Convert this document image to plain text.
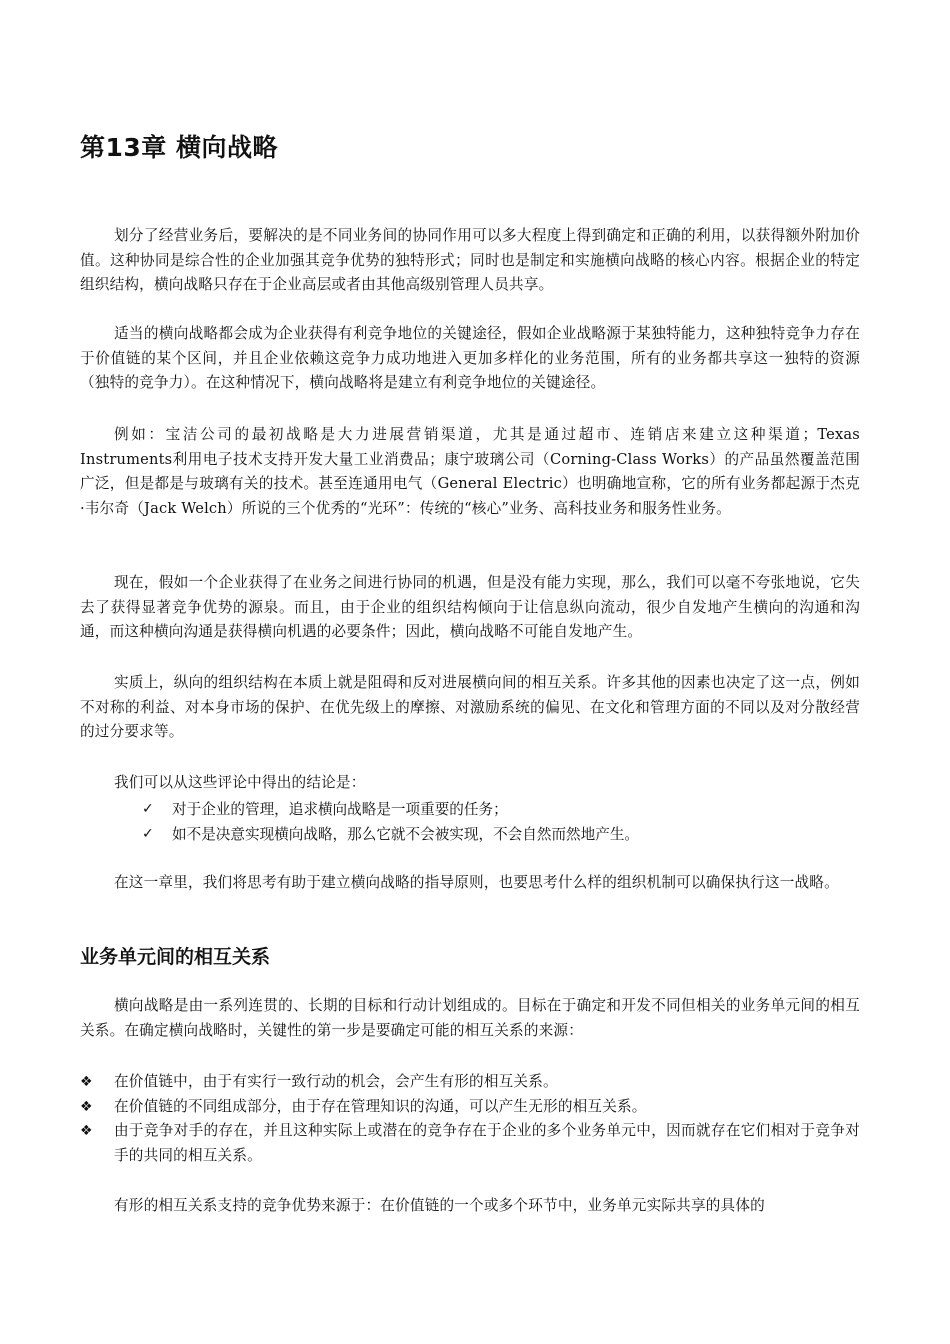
第13章 横向战略

划分了经营业务后，要解决的是不同业务间的协同作用可以多大程度上得到确定和正确的利用，以获得额外附加价值。这种协同是综合性的企业加强其竞争优势的独特形式；同时也是制定和实施横向战略的核心内容。根据企业的特定组织结构，横向战略只存在于企业高层或者由其他高级别管理人员共享。

适当的横向战略都会成为企业获得有利竞争地位的关键途径，假如企业战略源于某独特能力，这种独特竞争力存在于价值链的某个区间，并且企业依赖这竞争力成功地进入更加多样化的业务范围，所有的业务都共享这一独特的资源（独特的竞争力）。在这种情况下，横向战略将是建立有利竞争地位的关键途径。

例如：宝洁公司的最初战略是大力进展营销渠道，尤其是通过超市、连销店来建立这种渠道；Texas Instruments利用电子技术支持开发大量工业消费品；康宁玻璃公司（Corning-Class Works）的产品虽然覆盖范围广泛，但是都是与玻璃有关的技术。甚至连通用电气（General Electric）也明确地宣称，它的所有业务都起源于杰克·韦尔奇（Jack Welch）所说的三个优秀的“光环”：传统的“核心”业务、高科技业务和服务性业务。

现在，假如一个企业获得了在业务之间进行协同的机遇，但是没有能力实现，那么，我们可以毫不夸张地说，它失去了获得显著竞争优势的源泉。而且，由于企业的组织结构倾向于让信息纵向流动，很少自发地产生横向的沟通和沟通，而这种横向沟通是获得横向机遇的必要条件；因此，横向战略不可能自发地产生。

实质上，纵向的组织结构在本质上就是阻碍和反对进展横向间的相互关系。许多其他的因素也决定了这一点，例如不对称的利益、对本身市场的保护、在优先级上的摩擦、对激励系统的偏见、在文化和管理方面的不同以及对分散经营的过分要求等。

我们可以从这些评论中得出的结论是：

✓ 对于企业的管理，追求横向战略是一项重要的任务；
✓ 如不是决意实现横向战略，那么它就不会被实现，不会自然而然地产生。

在这一章里，我们将思考有助于建立横向战略的指导原则，也要思考什么样的组织机制可以确保执行这一战略。

业务单元间的相互关系

横向战略是由一系列连贯的、长期的目标和行动计划组成的。目标在于确定和开发不同但相关的业务单元间的相互关系。在确定横向战略时，关键性的第一步是要确定可能的相互关系的来源：

❖ 在价值链中，由于有实行一致行动的机会，会产生有形的相互关系。
❖ 在价值链的不同组成部分，由于存在管理知识的沟通，可以产生无形的相互关系。
❖ 由于竞争对手的存在，并且这种实际上或潜在的竞争存在于企业的多个业务单元中，因而就存在它们相对于竞争对手的共同的相互关系。

有形的相互关系支持的竞争优势来源于：在价值链的一个或多个环节中，业务单元实际共享的具体的
